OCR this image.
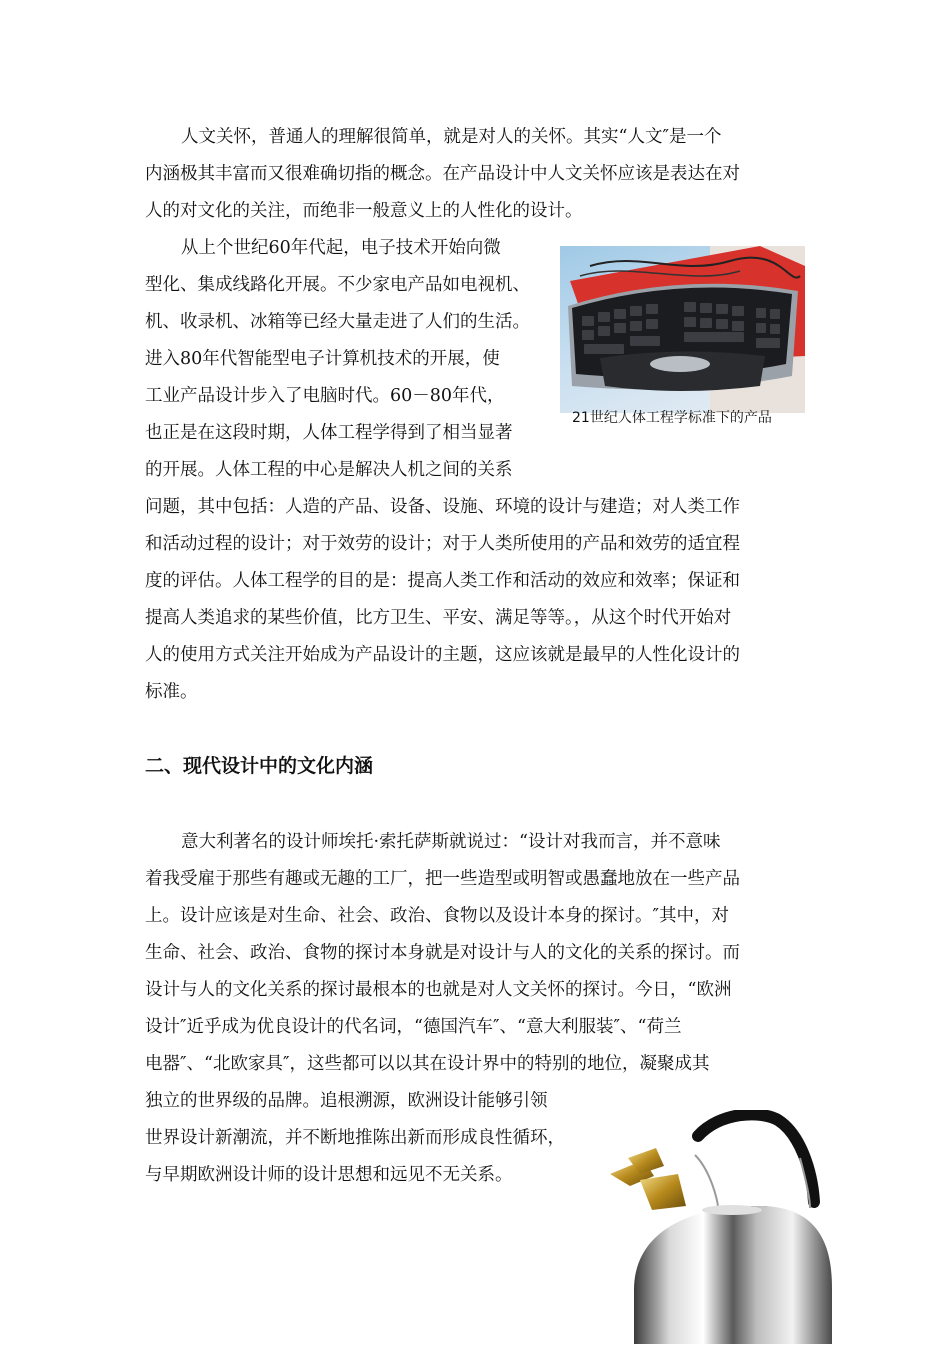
人文关怀，普通人的理解很简单，就是对人的关怀。其实“人文″是一个
内涵极其丰富而又很难确切指的概念。在产品设计中人文关怀应该是表达在对
人的对文化的关注，而绝非一般意义上的人性化的设计。
从上个世纪60年代起，电子技术开始向微
型化、集成线路化开展。不少家电产品如电视机、
机、收录机、冰箱等已经大量走进了人们的生活。
进入80年代智能型电子计算机技术的开展，使
工业产品设计步入了电脑时代。60－80年代，
也正是在这段时期，人体工程学得到了相当显著
的开展。人体工程的中心是解决人机之间的关系
问题，其中包括：人造的产品、设备、设施、环境的设计与建造；对人类工作
和活动过程的设计；对于效劳的设计；对于人类所使用的产品和效劳的适宜程
度的评估。人体工程学的目的是：提高人类工作和活动的效应和效率；保证和
提高人类追求的某些价值，比方卫生、平安、满足等等。，从这个时代开始对
人的使用方式关注开始成为产品设计的主题，这应该就是最早的人性化设计的
标准。
21世纪人体工程学标准下的产品
二、现代设计中的文化内涵
意大利著名的设计师埃托·索托萨斯就说过：“设计对我而言，并不意味
着我受雇于那些有趣或无趣的工厂，把一些造型或明智或愚蠢地放在一些产品
上。设计应该是对生命、社会、政治、食物以及设计本身的探讨。″其中，对
生命、社会、政治、食物的探讨本身就是对设计与人的文化的关系的探讨。而
设计与人的文化关系的探讨最根本的也就是对人文关怀的探讨。今日，“欧洲
设计″近乎成为优良设计的代名词，“德国汽车″、“意大利服装″、“荷兰
电器″、“北欧家具″，这些都可以以其在设计界中的特别的地位，凝聚成其
独立的世界级的品牌。追根溯源，欧洲设计能够引领
世界设计新潮流，并不断地推陈出新而形成良性循环，
与早期欧洲设计师的设计思想和远见不无关系。
